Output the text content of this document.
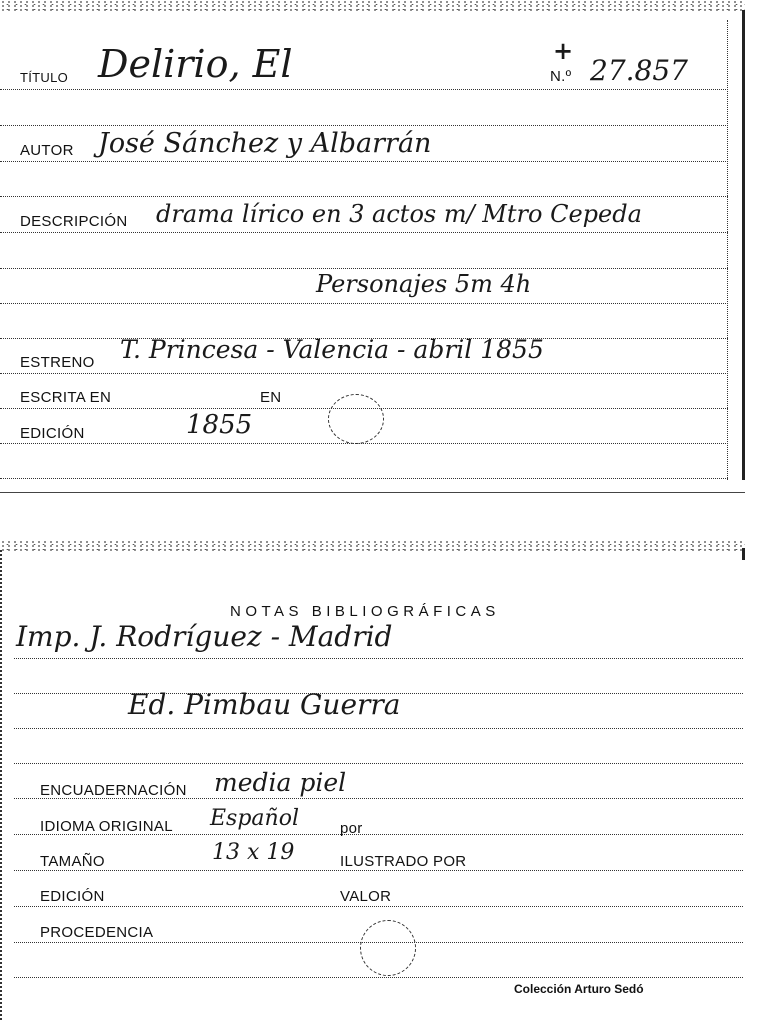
TÍTULO Delirio, El	+
N.º 27.857
AUTOR José Sánchez y Albarrán
DESCRIPCIÓN drama lírico en 3 actos m/ Mtro Cepeda
Personajes 5m 4h
ESTRENO T. Princesa - Valencia - abril 1855
ESCRITA EN	EN
EDICIÓN	1855
NOTAS BIBLIOGRÁFICAS
Imp. J. Rodríguez - Madrid
Ed. Pimbau Guerra
ENCUADERNACIÓN media piel
IDIOMA ORIGINAL Español	por
TAMAÑO	13 x 19	ILUSTRADO POR
EDICIÓN	VALOR
PROCEDENCIA
Colección Arturo Sedó
